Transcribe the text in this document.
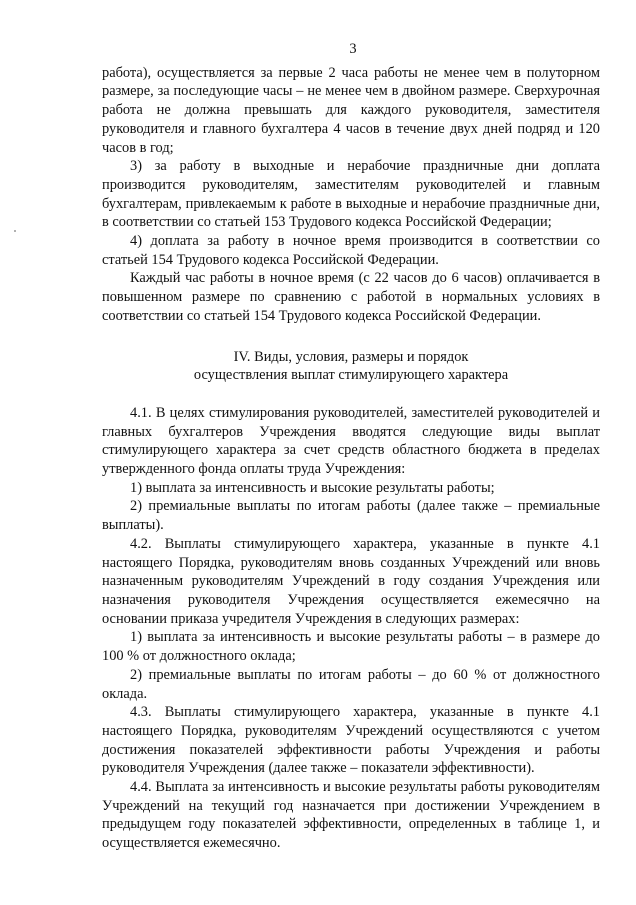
3

работа), осуществляется за первые 2 часа работы не менее чем в полуторном размере, за последующие часы – не менее чем в двойном размере. Сверхурочная работа не должна превышать для каждого руководителя, заместителя руководителя и главного бухгалтера 4 часов в течение двух дней подряд и 120 часов в год;

3) за работу в выходные и нерабочие праздничные дни доплата производится руководителям, заместителям руководителей и главным бухгалтерам, привлекаемым к работе в выходные и нерабочие праздничные дни, в соответствии со статьей 153 Трудового кодекса Российской Федерации;

4) доплата за работу в ночное время производится в соответствии со статьей 154 Трудового кодекса Российской Федерации.

Каждый час работы в ночное время (с 22 часов до 6 часов) оплачивается в повышенном размере по сравнению с работой в нормальных условиях в соответствии со статьей 154 Трудового кодекса Российской Федерации.

IV. Виды, условия, размеры и порядок
осуществления выплат стимулирующего характера

4.1. В целях стимулирования руководителей, заместителей руководителей и главных бухгалтеров Учреждения вводятся следующие виды выплат стимулирующего характера за счет средств областного бюджета в пределах утвержденного фонда оплаты труда Учреждения:

1) выплата за интенсивность и высокие результаты работы;

2) премиальные выплаты по итогам работы (далее также – премиальные выплаты).

4.2. Выплаты стимулирующего характера, указанные в пункте 4.1 настоящего Порядка, руководителям вновь созданных Учреждений или вновь назначенным руководителям Учреждений в году создания Учреждения или назначения руководителя Учреждения осуществляется ежемесячно на основании приказа учредителя Учреждения в следующих размерах:

1) выплата за интенсивность и высокие результаты работы – в размере до 100 % от должностного оклада;

2) премиальные выплаты по итогам работы – до 60 % от должностного оклада.

4.3. Выплаты стимулирующего характера, указанные в пункте 4.1 настоящего Порядка, руководителям Учреждений осуществляются с учетом достижения показателей эффективности работы Учреждения и работы руководителя Учреждения (далее также – показатели эффективности).

4.4. Выплата за интенсивность и высокие результаты работы руководителям Учреждений на текущий год назначается при достижении Учреждением в предыдущем году показателей эффективности, определенных в таблице 1, и осуществляется ежемесячно.
